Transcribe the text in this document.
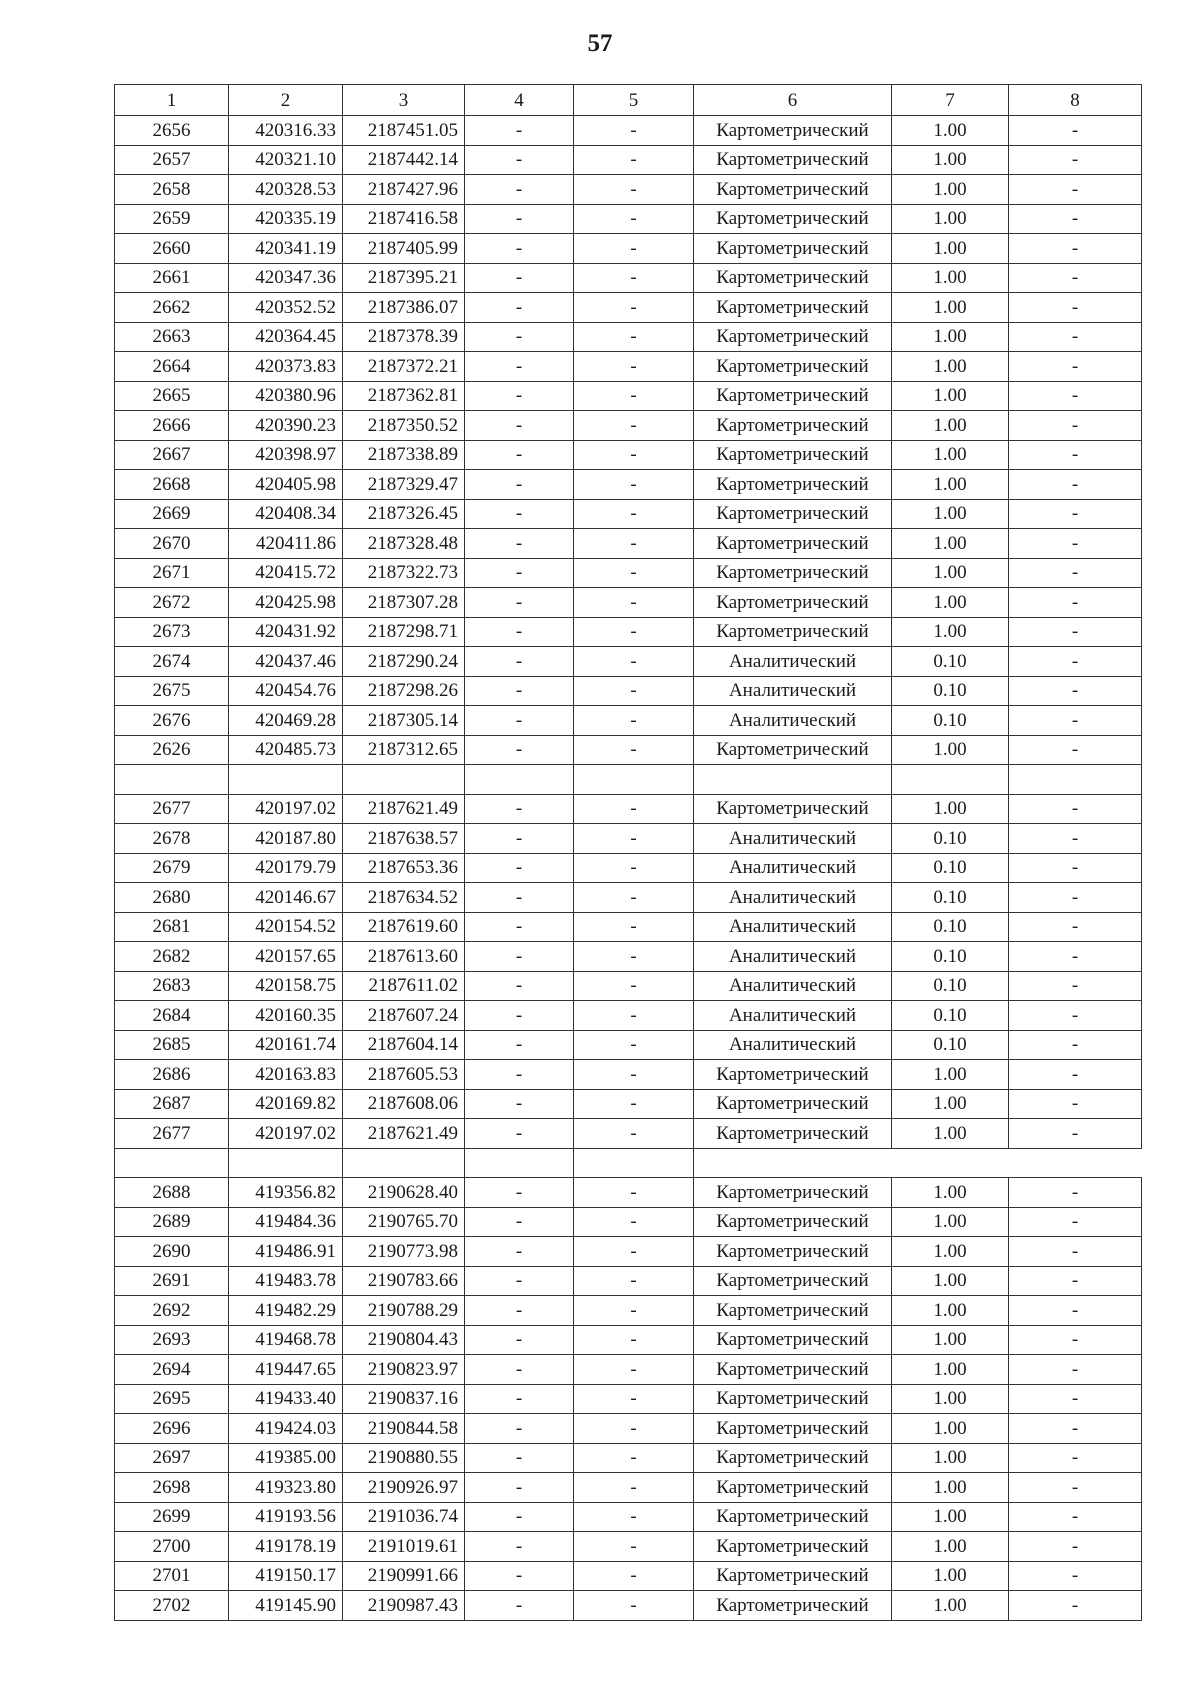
57
1	2	3	4	5	6	7	8
2656	420316.33	2187451.05	-	-	Картометрический	1.00	-
2657	420321.10	2187442.14	-	-	Картометрический	1.00	-
2658	420328.53	2187427.96	-	-	Картометрический	1.00	-
2659	420335.19	2187416.58	-	-	Картометрический	1.00	-
2660	420341.19	2187405.99	-	-	Картометрический	1.00	-
2661	420347.36	2187395.21	-	-	Картометрический	1.00	-
2662	420352.52	2187386.07	-	-	Картометрический	1.00	-
2663	420364.45	2187378.39	-	-	Картометрический	1.00	-
2664	420373.83	2187372.21	-	-	Картометрический	1.00	-
2665	420380.96	2187362.81	-	-	Картометрический	1.00	-
2666	420390.23	2187350.52	-	-	Картометрический	1.00	-
2667	420398.97	2187338.89	-	-	Картометрический	1.00	-
2668	420405.98	2187329.47	-	-	Картометрический	1.00	-
2669	420408.34	2187326.45	-	-	Картометрический	1.00	-
2670	420411.86	2187328.48	-	-	Картометрический	1.00	-
2671	420415.72	2187322.73	-	-	Картометрический	1.00	-
2672	420425.98	2187307.28	-	-	Картометрический	1.00	-
2673	420431.92	2187298.71	-	-	Картометрический	1.00	-
2674	420437.46	2187290.24	-	-	Аналитический	0.10	-
2675	420454.76	2187298.26	-	-	Аналитический	0.10	-
2676	420469.28	2187305.14	-	-	Аналитический	0.10	-
2626	420485.73	2187312.65	-	-	Картометрический	1.00	-

2677	420197.02	2187621.49	-	-	Картометрический	1.00	-
2678	420187.80	2187638.57	-	-	Аналитический	0.10	-
2679	420179.79	2187653.36	-	-	Аналитический	0.10	-
2680	420146.67	2187634.52	-	-	Аналитический	0.10	-
2681	420154.52	2187619.60	-	-	Аналитический	0.10	-
2682	420157.65	2187613.60	-	-	Аналитический	0.10	-
2683	420158.75	2187611.02	-	-	Аналитический	0.10	-
2684	420160.35	2187607.24	-	-	Аналитический	0.10	-
2685	420161.74	2187604.14	-	-	Аналитический	0.10	-
2686	420163.83	2187605.53	-	-	Картометрический	1.00	-
2687	420169.82	2187608.06	-	-	Картометрический	1.00	-
2677	420197.02	2187621.49	-	-	Картометрический	1.00	-

2688	419356.82	2190628.40	-	-	Картометрический	1.00	-
2689	419484.36	2190765.70	-	-	Картометрический	1.00	-
2690	419486.91	2190773.98	-	-	Картометрический	1.00	-
2691	419483.78	2190783.66	-	-	Картометрический	1.00	-
2692	419482.29	2190788.29	-	-	Картометрический	1.00	-
2693	419468.78	2190804.43	-	-	Картометрический	1.00	-
2694	419447.65	2190823.97	-	-	Картометрический	1.00	-
2695	419433.40	2190837.16	-	-	Картометрический	1.00	-
2696	419424.03	2190844.58	-	-	Картометрический	1.00	-
2697	419385.00	2190880.55	-	-	Картометрический	1.00	-
2698	419323.80	2190926.97	-	-	Картометрический	1.00	-
2699	419193.56	2191036.74	-	-	Картометрический	1.00	-
2700	419178.19	2191019.61	-	-	Картометрический	1.00	-
2701	419150.17	2190991.66	-	-	Картометрический	1.00	-
2702	419145.90	2190987.43	-	-	Картометрический	1.00	-
